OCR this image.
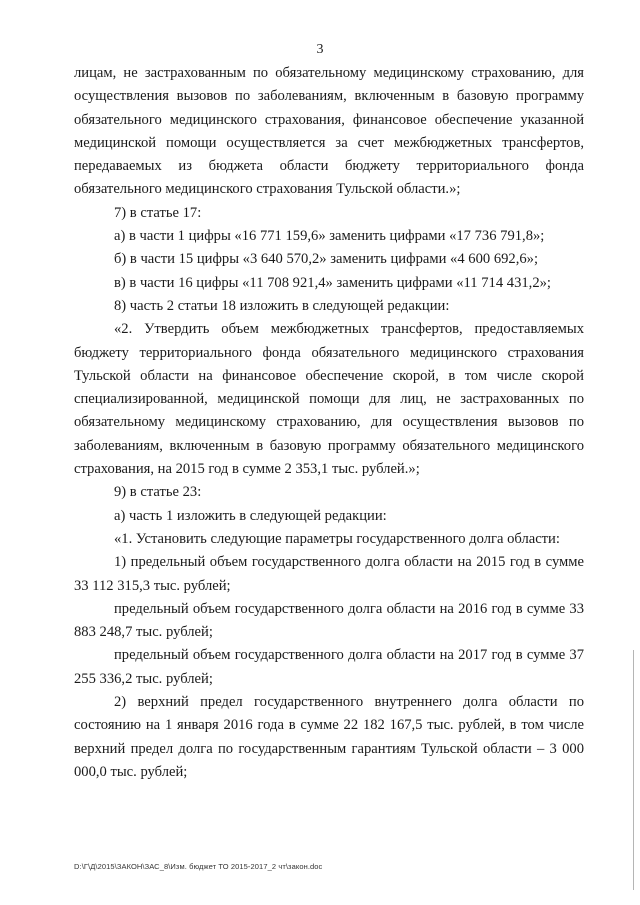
3

лицам, не застрахованным по обязательному медицинскому страхованию, для осуществления вызовов по заболеваниям, включенным в базовую программу обязательного медицинского страхования, финансовое обеспечение указанной медицинской помощи осуществляется за счет межбюджетных трансфертов, передаваемых из бюджета области бюджету территориального фонда обязательного медицинского страхования Тульской области.»;

7) в статье 17:

а) в части 1 цифры «16 771 159,6» заменить цифрами «17 736 791,8»;

б) в части 15 цифры «3 640 570,2» заменить цифрами «4 600 692,6»;

в) в части 16 цифры «11 708 921,4» заменить цифрами «11 714 431,2»;

8) часть 2 статьи 18 изложить в следующей редакции:

«2. Утвердить объем межбюджетных трансфертов, предоставляемых бюджету территориального фонда обязательного медицинского страхования Тульской области на финансовое обеспечение скорой, в том числе скорой специализированной, медицинской помощи для лиц, не застрахованных по обязательному медицинскому страхованию, для осуществления вызовов по заболеваниям, включенным в базовую программу обязательного медицинского страхования, на 2015 год в сумме 2 353,1 тыс. рублей.»;

9) в статье 23:

а) часть 1 изложить в следующей редакции:

«1. Установить следующие параметры государственного долга области:

1) предельный объем государственного долга области на 2015 год в сумме 33 112 315,3 тыс. рублей;

предельный объем государственного долга области на 2016 год в сумме 33 883 248,7 тыс. рублей;

предельный объем государственного долга области на 2017 год в сумме 37 255 336,2 тыс. рублей;

2) верхний предел государственного внутреннего долга области по состоянию на 1 января 2016 года в сумме 22 182 167,5 тыс. рублей, в том числе верхний предел долга по государственным гарантиям Тульской области – 3 000 000,0 тыс. рублей;

D:\Г\Д\2015\ЗАКОН\ЗАС_8\Изм. бюджет ТО 2015-2017_2 чт\закон.doc
